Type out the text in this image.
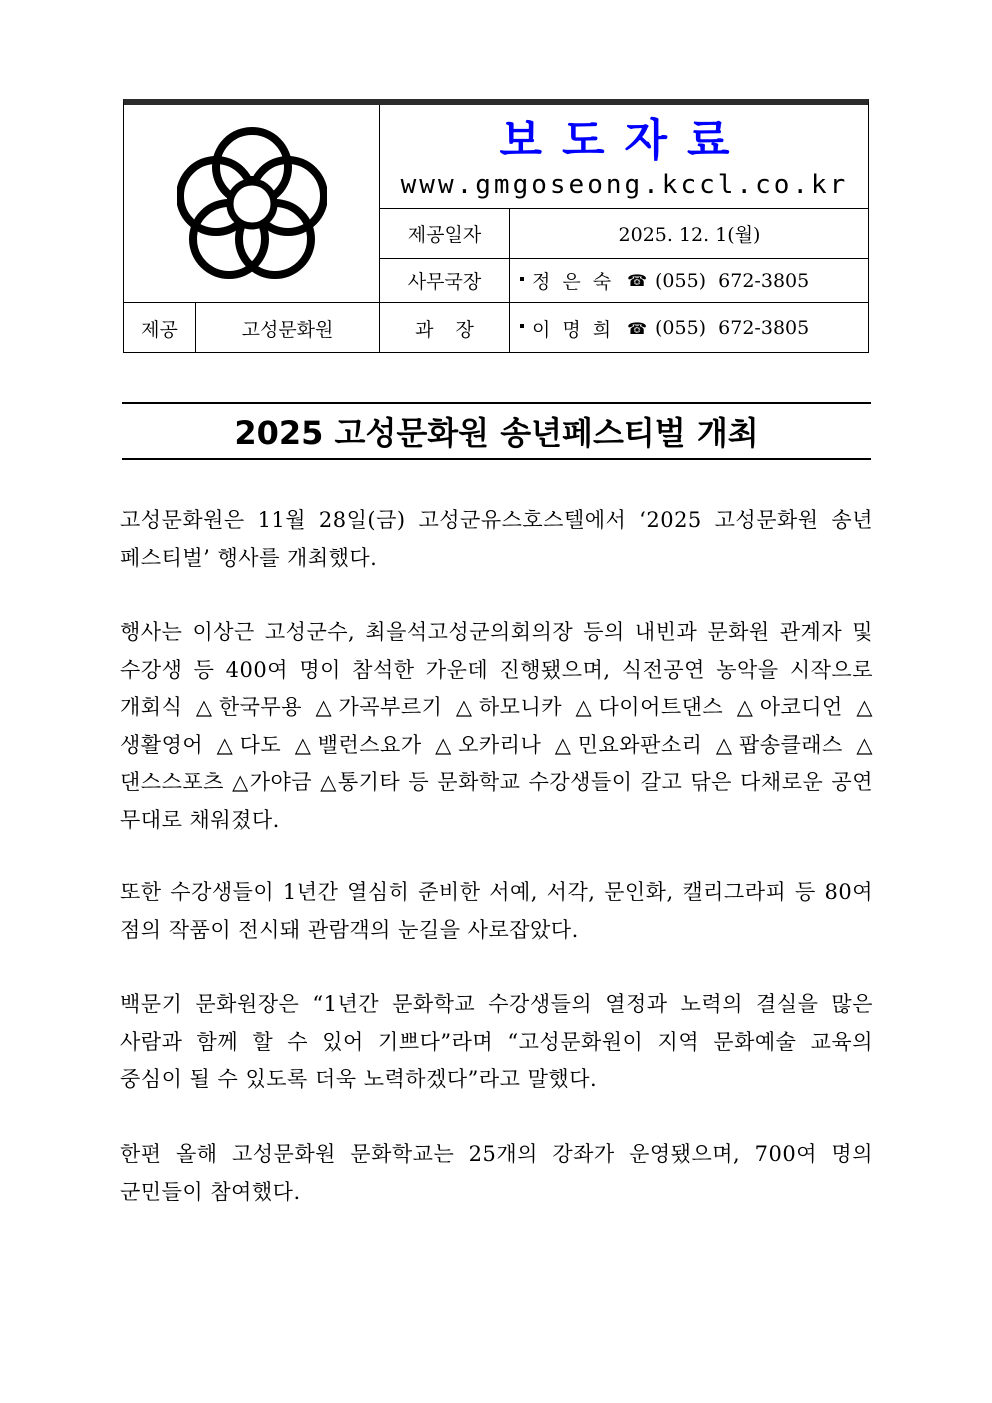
보도자료
www.gmgoseong.kccl.co.kr
제공일자	2025. 12. 1(월)
사무국장	정은숙 ☎ (055)  672-3805
제공	고성문화원	과장 이명희 ☎ (055)  672-3805
2025 고성문화원 송년페스티벌 개최

고성문화원은 11월 28일(금) 고성군유스호스텔에서 ‘2025 고성문화원 송년 페스티벌’ 행사를 개최했다.

행사는 이상근 고성군수, 최을석고성군의회의장 등의 내빈과 문화원 관계자 및 수강생 등 400여 명이 참석한 가운데 진행됐으며, 식전공연 농악을 시작으로 개회식 △한국무용 △가곡부르기 △하모니카 △다이어트댄스 △아코디언 △생활영어 △다도 △밸런스요가 △오카리나 △민요와판소리 △팝송클래스 △댄스스포츠 △가야금 △통기타 등 문화학교 수강생들이 갈고 닦은 다채로운 공연 무대로 채워졌다.

또한 수강생들이 1년간 열심히 준비한 서예, 서각, 문인화, 캘리그라피 등 80여 점의 작품이 전시돼 관람객의 눈길을 사로잡았다.

백문기 문화원장은 “1년간 문화학교 수강생들의 열정과 노력의 결실을 많은 사람과 함께 할 수 있어 기쁘다”라며 “고성문화원이 지역 문화예술 교육의 중심이 될 수 있도록 더욱 노력하겠다”라고 말했다.

한편 올해 고성문화원 문화학교는 25개의 강좌가 운영됐으며, 700여 명의 군민들이 참여했다.
